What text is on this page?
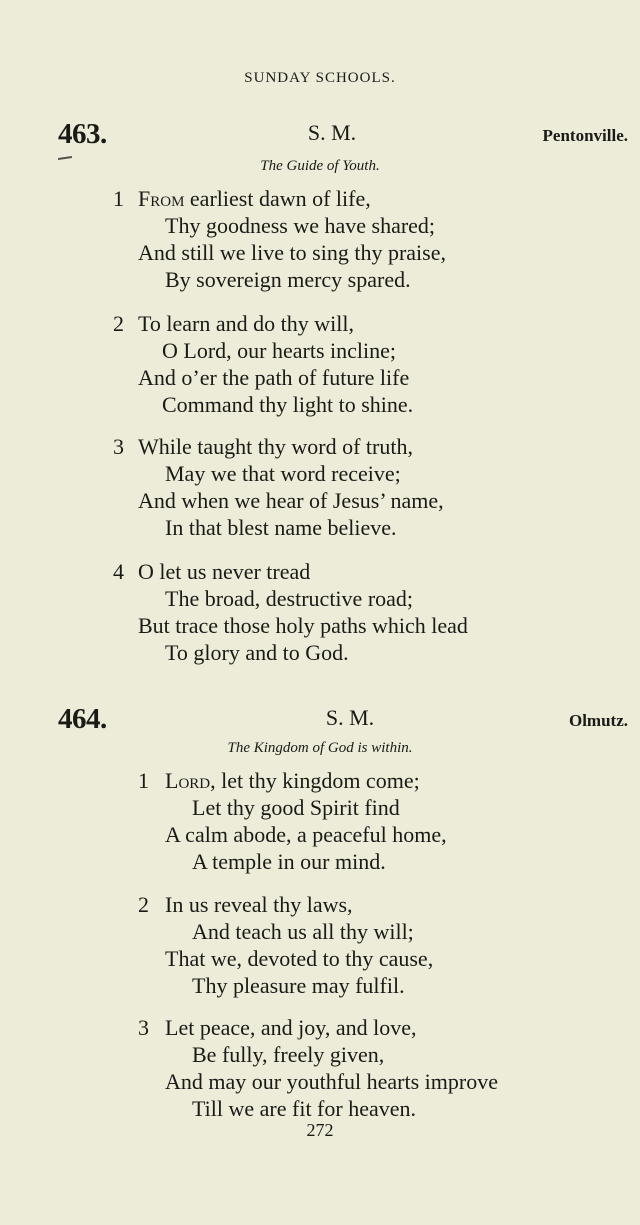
SUNDAY SCHOOLS.
463.	S. M.	Pentonville.
The Guide of Youth.
1 From earliest dawn of life,
Thy goodness we have shared;
And still we live to sing thy praise,
By sovereign mercy spared.
2 To learn and do thy will,
O Lord, our hearts incline;
And o’er the path of future life
Command thy light to shine.
3 While taught thy word of truth,
May we that word receive;
And when we hear of Jesus’ name,
In that blest name believe.
4 O let us never tread
The broad, destructive road;
But trace those holy paths which lead
To glory and to God.
464.	S. M.	Olmutz.
The Kingdom of God is within.
1 Lord, let thy kingdom come;
Let thy good Spirit find
A calm abode, a peaceful home,
A temple in our mind.
2 In us reveal thy laws,
And teach us all thy will;
That we, devoted to thy cause,
Thy pleasure may fulfil.
3 Let peace, and joy, and love,
Be fully, freely given,
And may our youthful hearts improve
Till we are fit for heaven.
272
